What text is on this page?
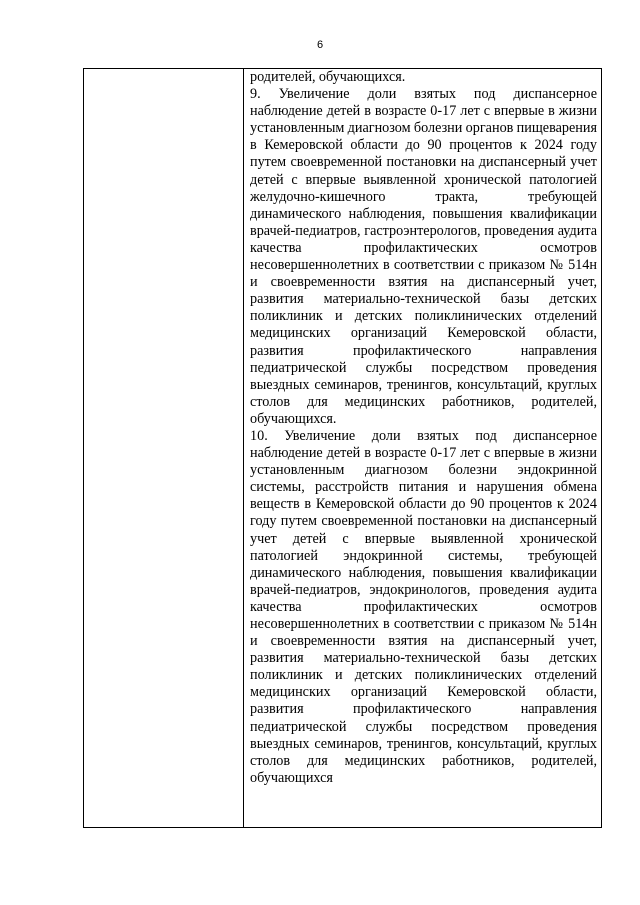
6

родителей, обучающихся.

9. Увеличение доли взятых под диспансерное наблюдение детей в возрасте 0-17 лет с впервые в жизни установленным диагнозом болезни органов пищеварения в Кемеровской области до 90 процентов к 2024 году путем своевременной постановки на диспансерный учет детей с впервые выявленной хронической патологией желудочно-кишечного тракта, требующей динамического наблюдения, повышения квалификации врачей-педиатров, гастроэнтерологов, проведения аудита качества профилактических осмотров несовершеннолетних в соответствии с приказом № 514н и своевременности взятия на диспансерный учет, развития материально-технической базы детских поликлиник и детских поликлинических отделений медицинских организаций Кемеровской области, развития профилактического направления педиатрической службы посредством проведения выездных семинаров, тренингов, консультаций, круглых столов для медицинских работников, родителей, обучающихся.

10. Увеличение доли взятых под диспансерное наблюдение детей в возрасте 0-17 лет с впервые в жизни установленным диагнозом болезни эндокринной системы, расстройств питания и нарушения обмена веществ в Кемеровской области до 90 процентов к 2024 году путем своевременной постановки на диспансерный учет детей с впервые выявленной хронической патологией эндокринной системы, требующей динамического наблюдения, повышения квалификации врачей-педиатров, эндокринологов, проведения аудита качества профилактических осмотров несовершеннолетних в соответствии с приказом № 514н и своевременности взятия на диспансерный учет, развития материально-технической базы детских поликлиник и детских поликлинических отделений медицинских организаций Кемеровской области, развития профилактического направления педиатрической службы посредством проведения выездных семинаров, тренингов, консультаций, круглых столов для медицинских работников, родителей, обучающихся
